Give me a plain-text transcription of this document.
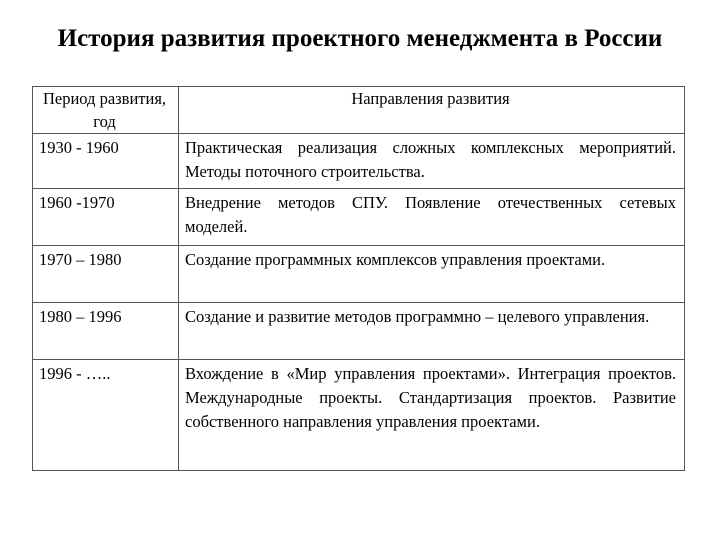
История развития проектного менеджмента в России
Период развития, год	Направления развития
1930 - 1960	Практическая реализация сложных комплексных мероприятий. Методы поточного строительства.

1960 -1970	Внедрение методов СПУ. Появление отечественных сетевых моделей.

1970 – 1980	Создание программных комплексов управления проектами.

1980 – 1996	Создание и развитие методов программно – целевого управления.

1996 - …..	Вхождение в «Мир управления проектами». Интеграция проектов. Международные проекты. Стандартизация проектов. Развитие собственного направления управления проектами.
